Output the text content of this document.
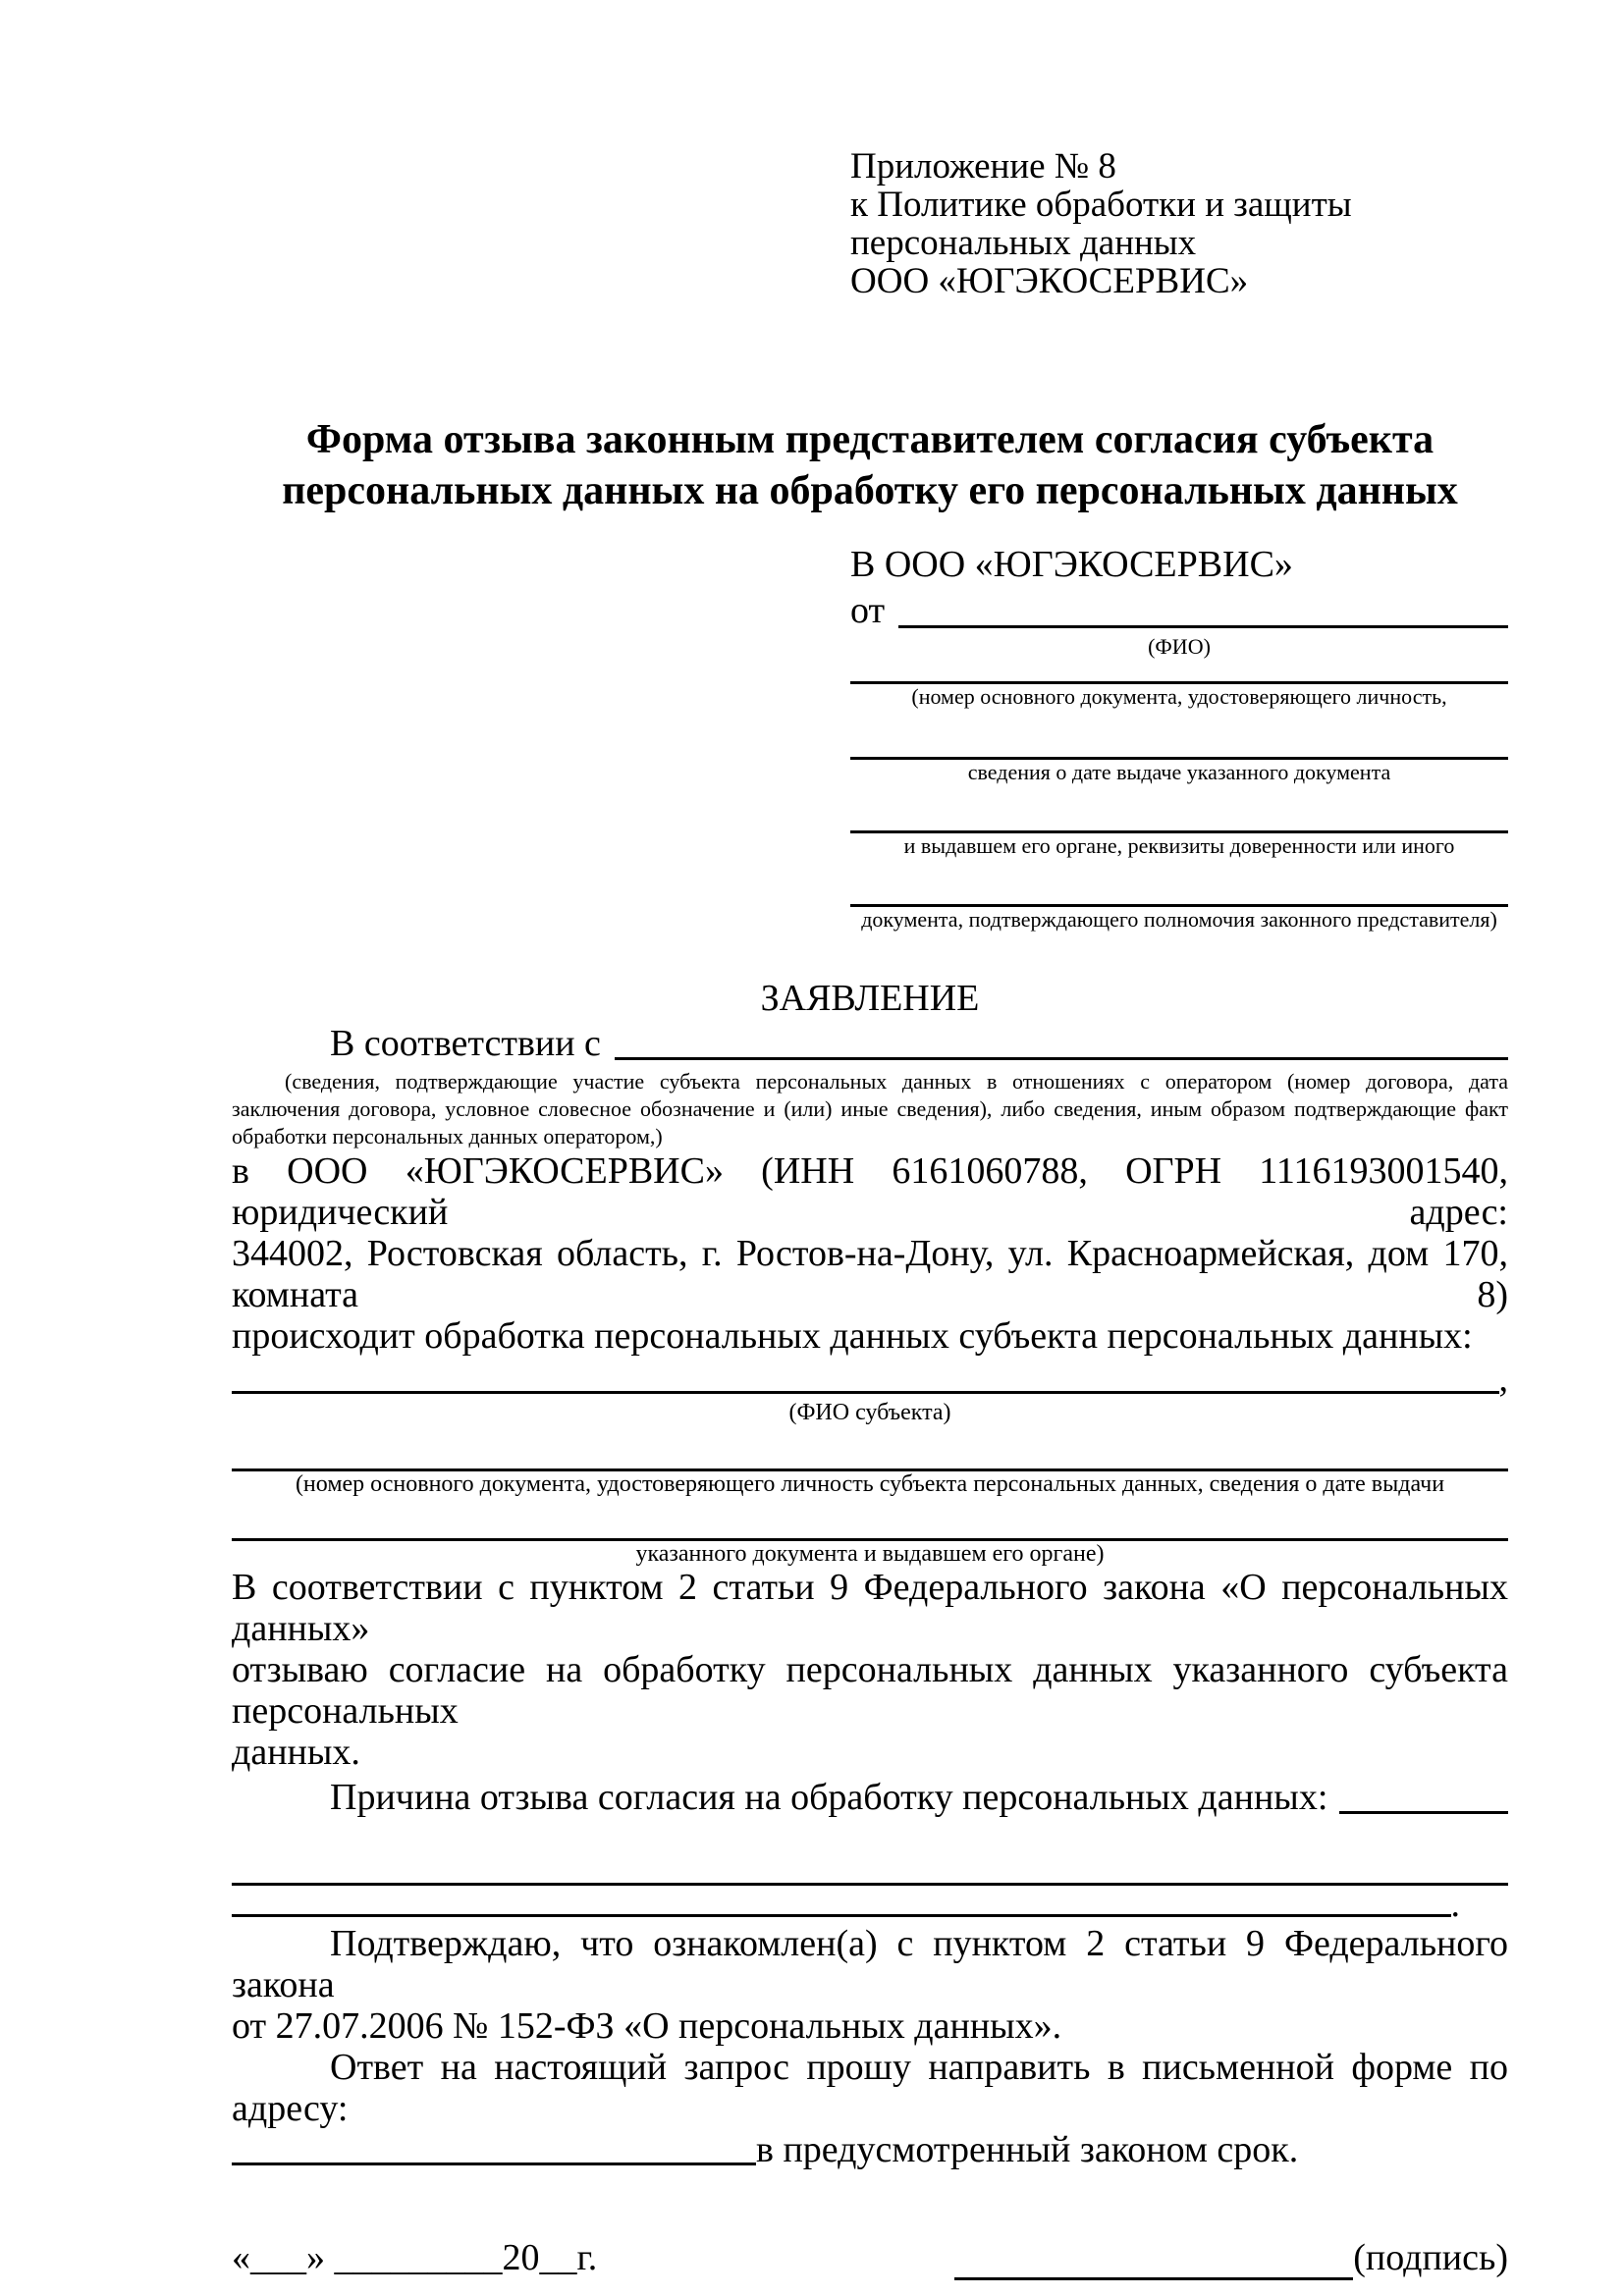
Приложение № 8
к Политике обработки и защиты
персональных данных
ООО «ЮГЭКОСЕРВИС»
Форма отзыва законным представителем согласия субъекта
персональных данных на обработку его персональных данных
В ООО «ЮГЭКОСЕРВИС»
от
(ФИО)
(номер основного документа, удостоверяющего личность,
сведения о дате выдаче указанного документа
и выдавшем его органе, реквизиты доверенности или иного
документа, подтверждающего полномочия законного представителя)
ЗАЯВЛЕНИЕ
В соответствии с
(сведения, подтверждающие участие субъекта персональных данных в отношениях с оператором (номер договора, дата
заключения договора, условное словесное обозначение и (или) иные сведения), либо сведения, иным образом подтверждающие факт
обработки персональных данных оператором,)
в ООО «ЮГЭКОСЕРВИС» (ИНН 6161060788, ОГРН 1116193001540, юридический адрес:
344002, Ростовская область, г. Ростов-на-Дону, ул. Красноармейская, дом 170, комната 8)
происходит обработка персональных данных субъекта персональных данных:
,
(ФИО субъекта)
(номер основного документа, удостоверяющего личность субъекта персональных данных, сведения о дате выдачи
указанного документа и выдавшем его органе)
В соответствии с пунктом 2 статьи 9 Федерального закона «О персональных данных»
отзываю согласие на обработку персональных данных указанного субъекта персональных
данных.
Причина отзыва согласия на обработку персональных данных:
.
Подтверждаю, что ознакомлен(а) с пунктом 2 статьи 9 Федерального закона
от 27.07.2006 № 152-ФЗ «О персональных данных».
Ответ на настоящий запрос прошу направить в письменной форме по адресу:
в предусмотренный законом срок.
«___» _________20__г.	(подпись)
